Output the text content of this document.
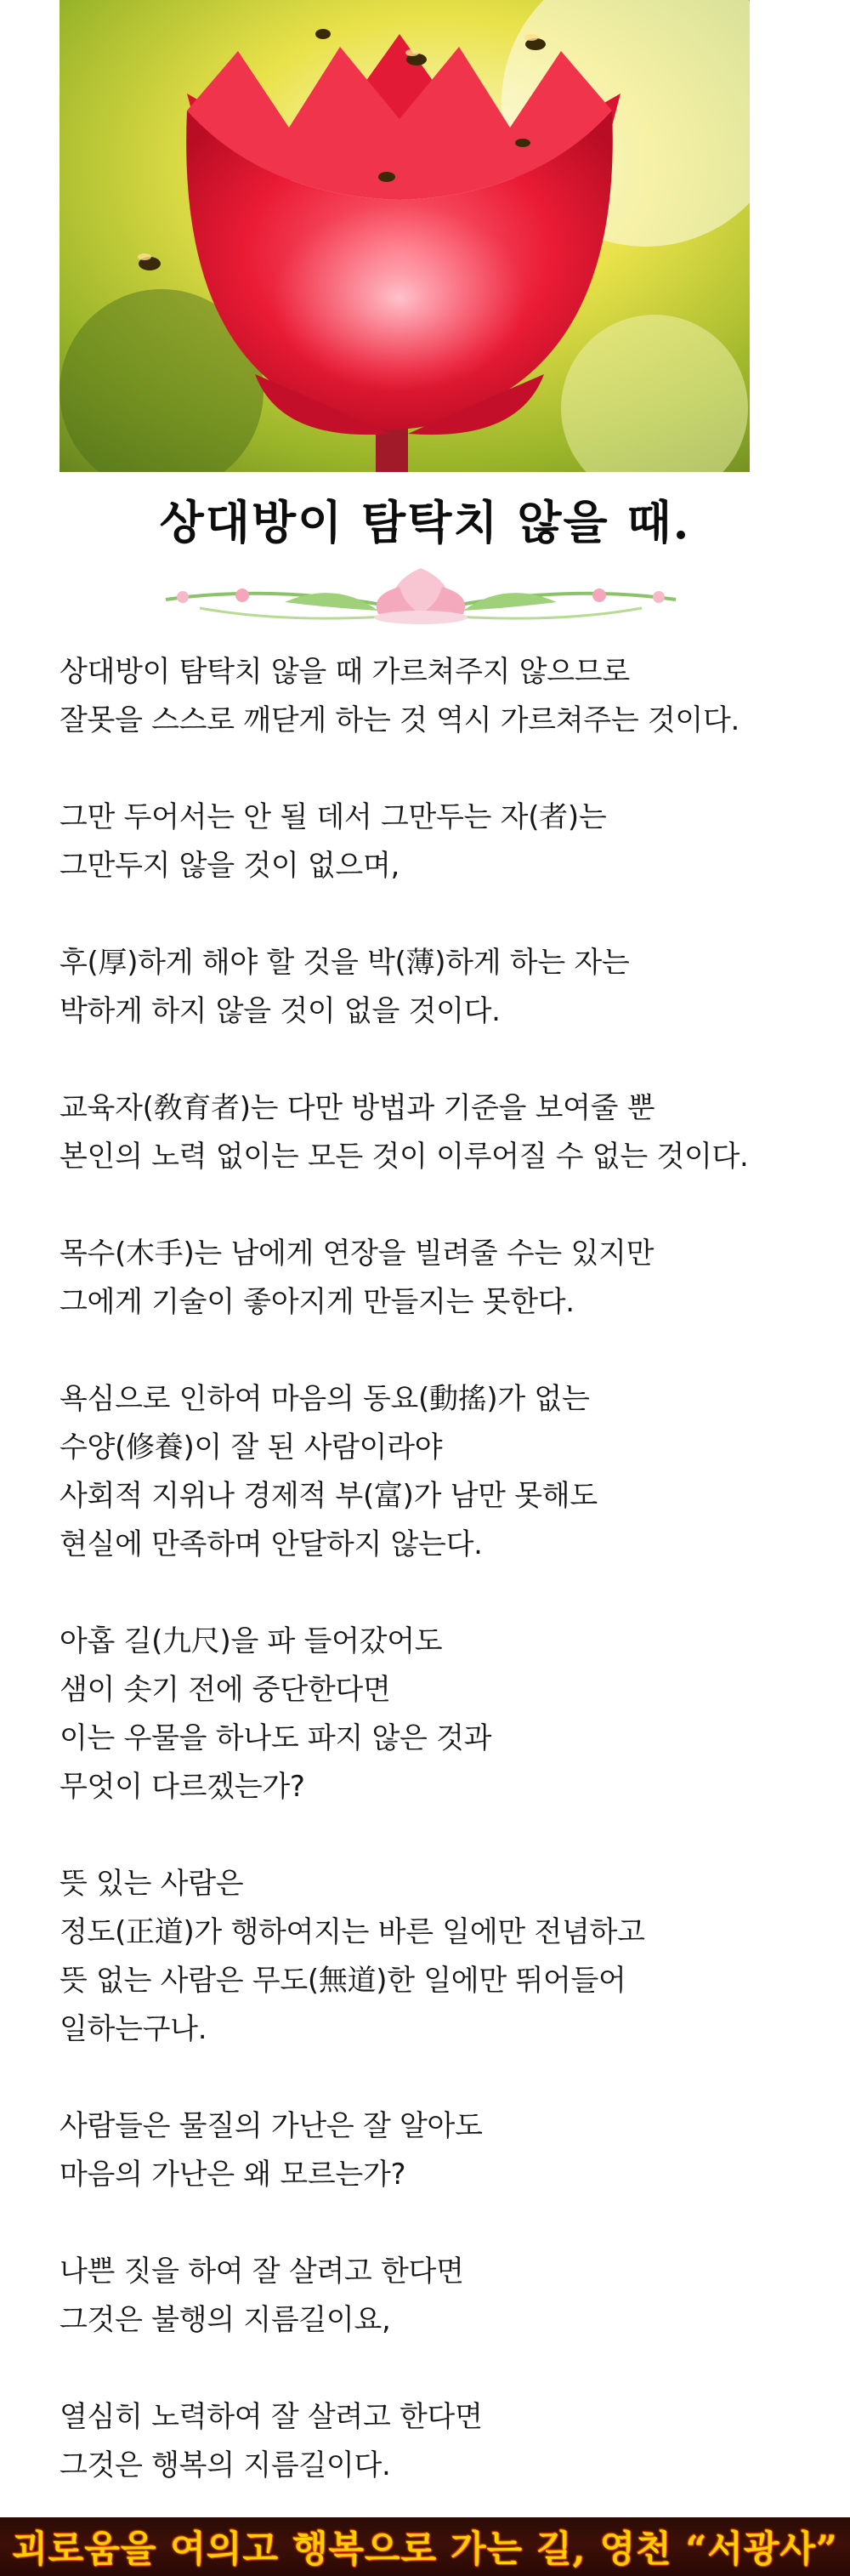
상대방이 탐탁치 않을 때.
상대방이 탐탁치 않을 때 가르쳐주지 않으므로
잘못을 스스로 깨닫게 하는 것 역시 가르쳐주는 것이다.
그만 두어서는 안 될 데서 그만두는 자(者)는
그만두지 않을 것이 없으며,
후(厚)하게 해야 할 것을 박(薄)하게 하는 자는
박하게 하지 않을 것이 없을 것이다.
교육자(敎育者)는 다만 방법과 기준을 보여줄 뿐
본인의 노력 없이는 모든 것이 이루어질 수 없는 것이다.
목수(木手)는 남에게 연장을 빌려줄 수는 있지만
그에게 기술이 좋아지게 만들지는 못한다.
욕심으로 인하여 마음의 동요(動搖)가 없는
수양(修養)이 잘 된 사람이라야
사회적 지위나 경제적 부(富)가 남만 못해도
현실에 만족하며 안달하지 않는다.
아홉 길(九尺)을 파 들어갔어도
샘이 솟기 전에 중단한다면
이는 우물을 하나도 파지 않은 것과
무엇이 다르겠는가?
뜻 있는 사람은
정도(正道)가 행하여지는 바른 일에만 전념하고
뜻 없는 사람은 무도(無道)한 일에만 뛰어들어
일하는구나.
사람들은 물질의 가난은 잘 알아도
마음의 가난은 왜 모르는가?
나쁜 짓을 하여 잘 살려고 한다면
그것은 불행의 지름길이요,
열심히 노력하여 잘 살려고 한다면
그것은 행복의 지름길이다.
괴로움을 여의고 행복으로 가는 길, 영천 “서광사”
